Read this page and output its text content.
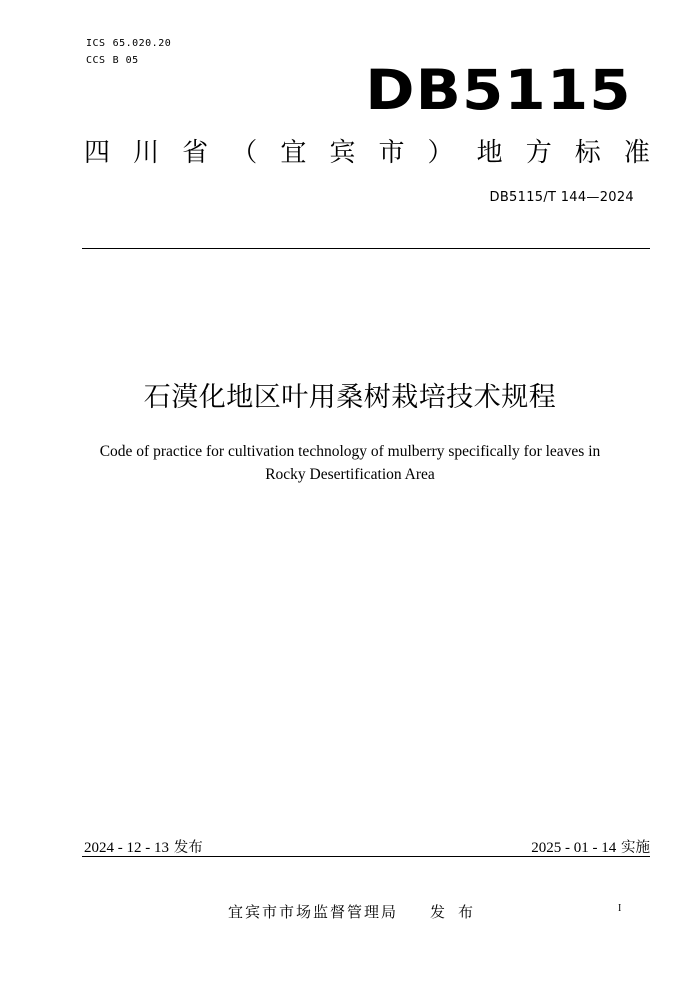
ICS 65.020.20
CCS B 05	DB5115
四 川 省 （ 宜 宾 市 ） 地 方 标 准
DB5115/T 144—2024
石漠化地区叶用桑树栽培技术规程
Code of practice for cultivation technology of mulberry specifically for leaves in
Rocky Desertification Area
2024 - 12 - 13 发布	2025 - 01 - 14 实施
宜宾市市场监督管理局 发布	I
